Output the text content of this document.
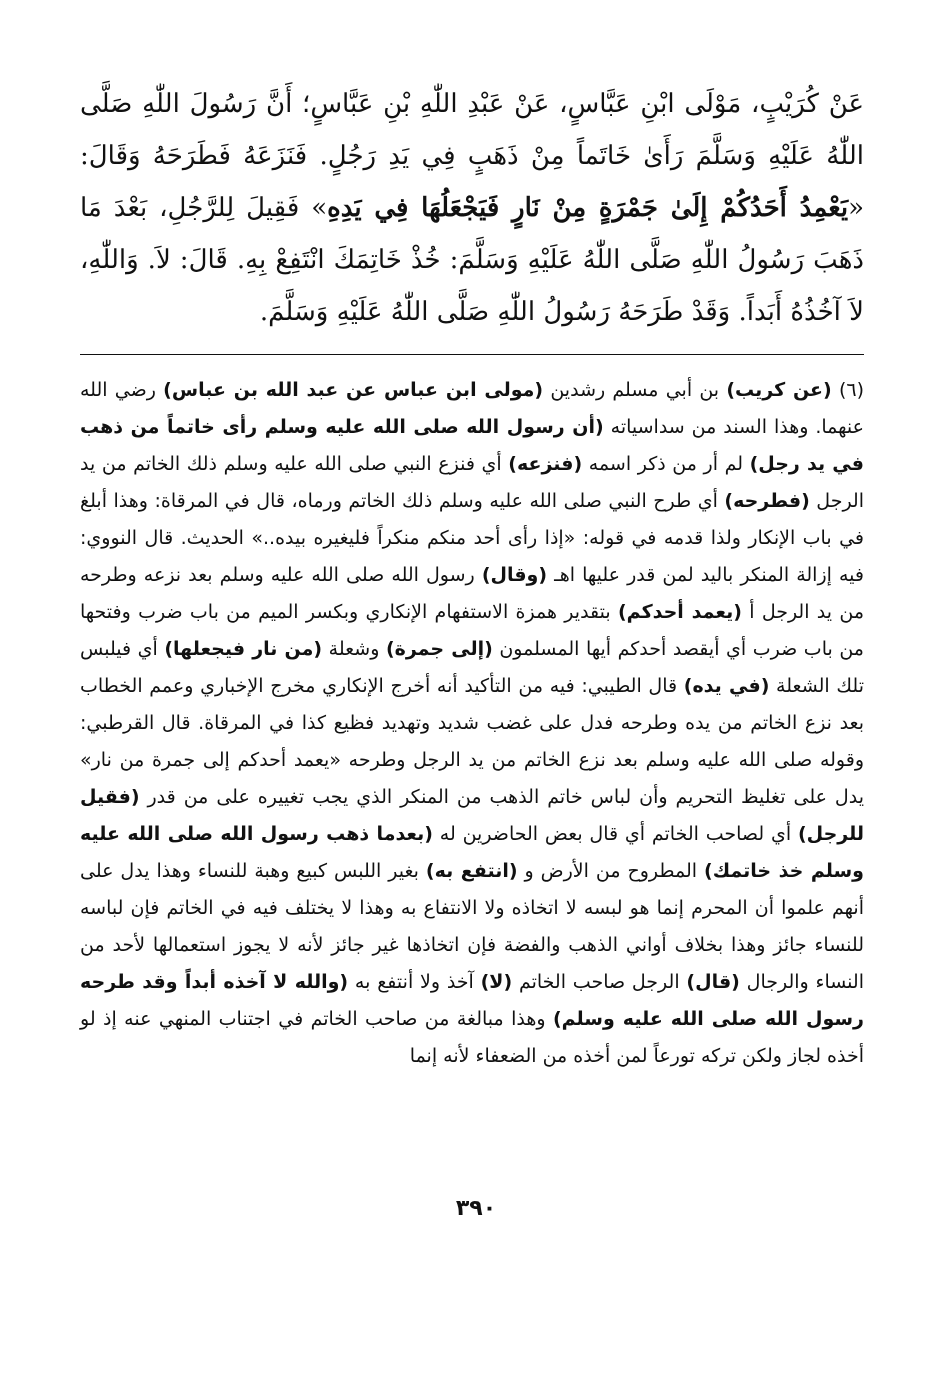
عَنْ كُرَيْبٍ، مَوْلَى ابْنِ عَبَّاسٍ، عَنْ عَبْدِ اللّٰهِ بْنِ عَبَّاسٍ؛ أَنَّ رَسُولَ اللّٰهِ صَلَّى اللّٰهُ عَلَيْهِ وَسَلَّمَ رَأَىٰ خَاتَماً مِنْ ذَهَبٍ فِي يَدِ رَجُلٍ. فَنَزَعَهُ فَطَرَحَهُ وَقَالَ: «يَعْمِدُ أَحَدُكُمْ إِلَىٰ جَمْرَةٍ مِنْ نَارٍ فَيَجْعَلُهَا فِي يَدِهِ» فَقِيلَ لِلرَّجُلِ، بَعْدَ مَا ذَهَبَ رَسُولُ اللّٰهِ صَلَّى اللّٰهُ عَلَيْهِ وَسَلَّمَ: خُذْ خَاتِمَكَ انْتَفِعْ بِهِ. قَالَ: لاَ. وَاللّٰهِ، لاَ آخُذُهُ أَبَداً. وَقَدْ طَرَحَهُ رَسُولُ اللّٰهِ صَلَّى اللّٰهُ عَلَيْهِ وَسَلَّمَ.

(٦) (عن كريب) بن أبي مسلم رشدين (مولى ابن عباس عن عبد الله بن عباس) رضي الله عنهما. وهذا السند من سداسياته (أن رسول الله صلى الله عليه وسلم رأى خاتماً من ذهب في يد رجل) لم أر من ذكر اسمه (فنزعه) أي فنزع النبي صلى الله عليه وسلم ذلك الخاتم من يد الرجل (فطرحه) أي طرح النبي صلى الله عليه وسلم ذلك الخاتم ورماه، قال في المرقاة: وهذا أبلغ في باب الإنكار ولذا قدمه في قوله: «إذا رأى أحد منكم منكراً فليغيره بيده..» الحديث. قال النووي: فيه إزالة المنكر باليد لمن قدر عليها اهـ (وقال) رسول الله صلى الله عليه وسلم بعد نزعه وطرحه من يد الرجل أ (يعمد أحدكم) بتقدير همزة الاستفهام الإنكاري وبكسر الميم من باب ضرب وفتحها من باب ضرب أي أيقصد أحدكم أيها المسلمون (إلى جمرة) وشعلة (من نار فيجعلها) أي فيلبس تلك الشعلة (في يده) قال الطيبي: فيه من التأكيد أنه أخرج الإنكاري مخرج الإخباري وعمم الخطاب بعد نزع الخاتم من يده وطرحه فدل على غضب شديد وتهديد فظيع كذا في المرقاة. قال القرطبي: وقوله صلى الله عليه وسلم بعد نزع الخاتم من يد الرجل وطرحه «يعمد أحدكم إلى جمرة من نار» يدل على تغليظ التحريم وأن لباس خاتم الذهب من المنكر الذي يجب تغييره على من قدر (فقيل للرجل) أي لصاحب الخاتم أي قال بعض الحاضرين له (بعدما ذهب رسول الله صلى الله عليه وسلم خذ خاتمك) المطروح من الأرض و (انتفع به) بغير اللبس كبيع وهبة للنساء وهذا يدل على أنهم علموا أن المحرم إنما هو لبسه لا اتخاذه ولا الانتفاع به وهذا لا يختلف فيه في الخاتم فإن لباسه للنساء جائز وهذا بخلاف أواني الذهب والفضة فإن اتخاذها غير جائز لأنه لا يجوز استعمالها لأحد من النساء والرجال (قال) الرجل صاحب الخاتم (لا) آخذ ولا أنتفع به (والله لا آخذه أبداً وقد طرحه رسول الله صلى الله عليه وسلم) وهذا مبالغة من صاحب الخاتم في اجتناب المنهي عنه إذ لو أخذه لجاز ولكن تركه تورعاً لمن أخذه من الضعفاء لأنه إنما

٣٩٠
